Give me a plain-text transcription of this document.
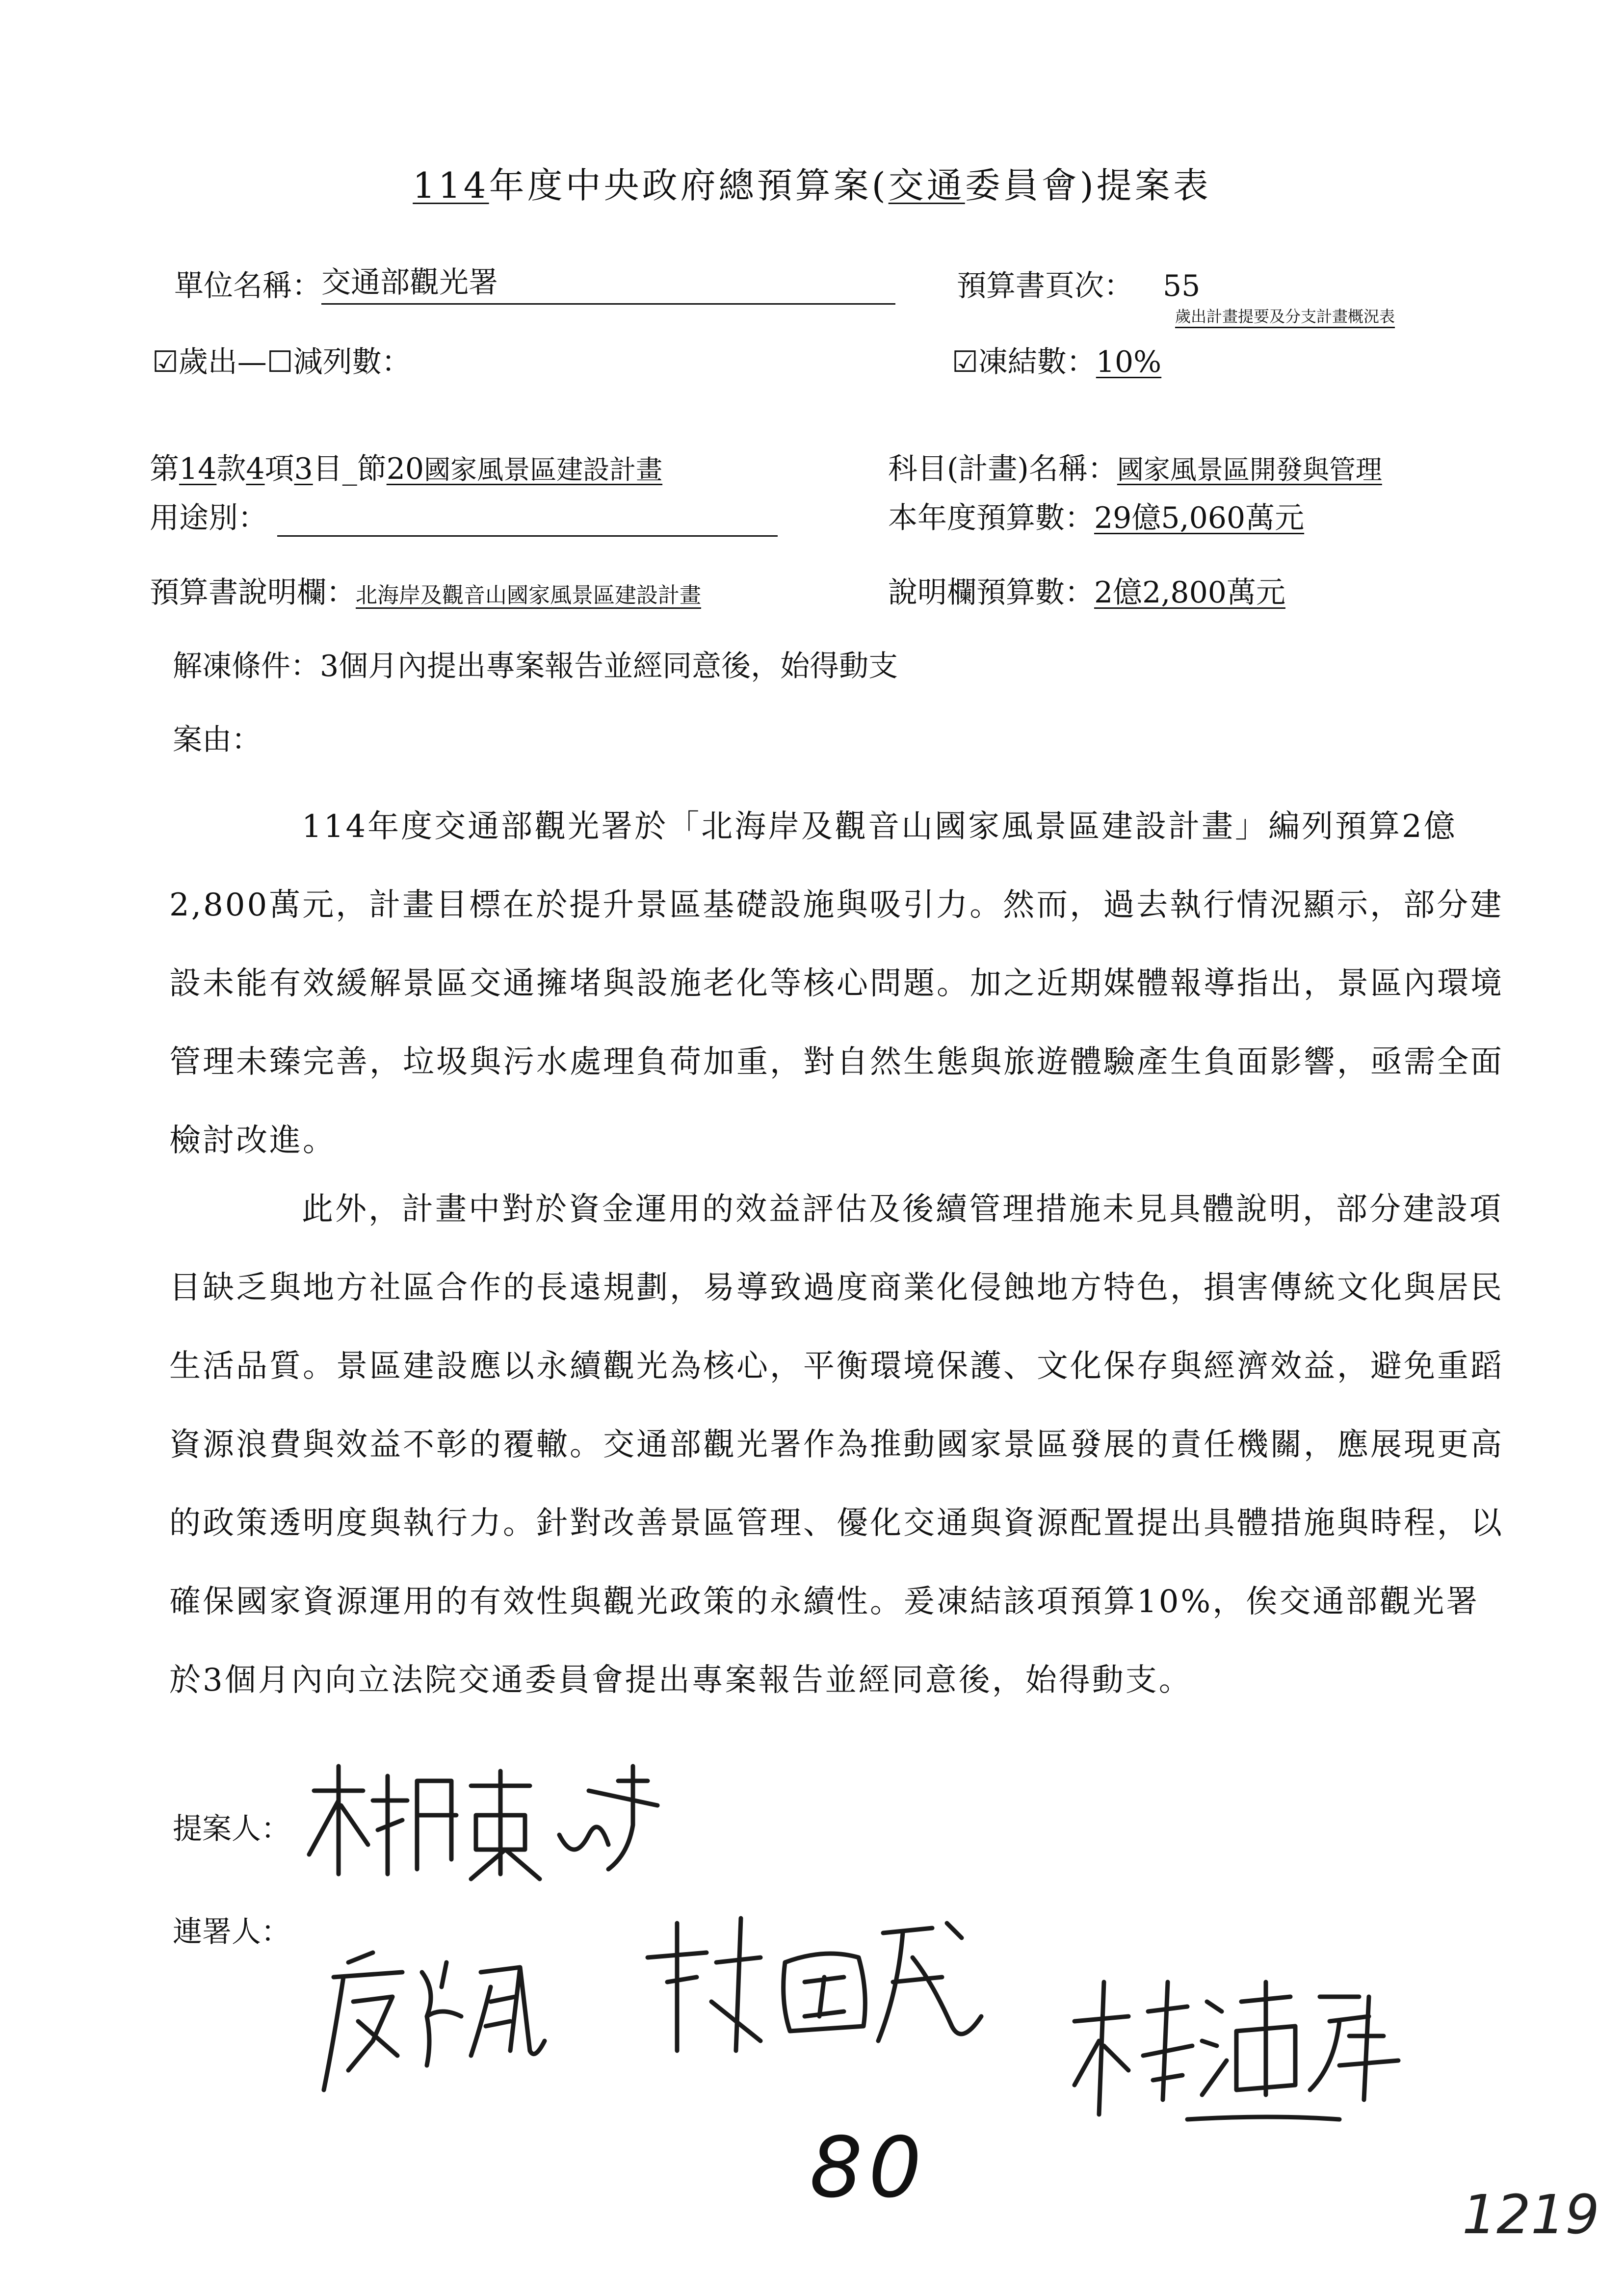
114年度中央政府總預算案(交通委員會)提案表
單位名稱： 交通部觀光署	預算書頁次： 55
歲出計畫提要及分支計畫概況表
☑歲出—☐減列數：	☑凍結數：10%
第14款4項3目_節20國家風景區建設計畫	科目(計畫)名稱：國家風景區開發與管理
用途別：	本年度預算數：29億5,060萬元
預算書說明欄：北海岸及觀音山國家風景區建設計畫	說明欄預算數：2億2,800萬元
解凍條件：3個月內提出專案報告並經同意後，始得動支
案由：
114年度交通部觀光署於「北海岸及觀音山國家風景區建設計畫」編列預算2億2,800萬元，計畫目標在於提升景區基礎設施與吸引力。然而，過去執行情況顯示，部分建設未能有效緩解景區交通擁堵與設施老化等核心問題。加之近期媒體報導指出，景區內環境管理未臻完善，垃圾與污水處理負荷加重，對自然生態與旅遊體驗產生負面影響，亟需全面檢討改進。
此外，計畫中對於資金運用的效益評估及後續管理措施未見具體說明，部分建設項目缺乏與地方社區合作的長遠規劃，易導致過度商業化侵蝕地方特色，損害傳統文化與居民生活品質。景區建設應以永續觀光為核心，平衡環境保護、文化保存與經濟效益，避免重蹈資源浪費與效益不彰的覆轍。交通部觀光署作為推動國家景區發展的責任機關，應展現更高的政策透明度與執行力。針對改善景區管理、優化交通與資源配置提出具體措施與時程，以確保國家資源運用的有效性與觀光政策的永續性。爰凍結該項預算10%，俟交通部觀光署於3個月內向立法院交通委員會提出專案報告並經同意後，始得動支。
提案人：
連署人：
80	1219
